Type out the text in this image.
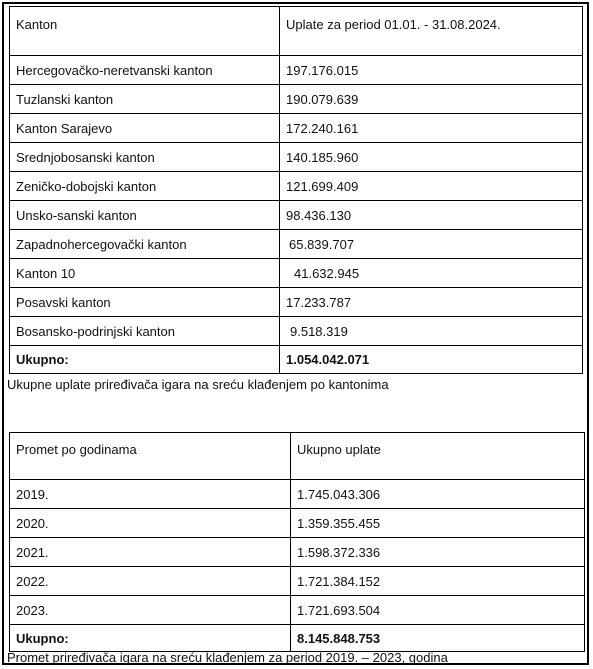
Kanton	Uplate za period 01.01. - 31.08.2024.
Hercegovačko-neretvanski kanton	197.176.015
Tuzlanski kanton	190.079.639
Kanton Sarajevo	172.240.161
Srednjobosanski kanton	140.185.960
Zeničko-dobojski kanton	121.699.409
Unsko-sanski kanton	98.436.130
Zapadnohercegovački kanton	65.839.707
Kanton 10	41.632.945
Posavski kanton	17.233.787
Bosansko-podrinjski kanton	9.518.319
Ukupno:	1.054.042.071
Ukupne uplate priređivača igara na sreću klađenjem po kantonima
Promet po godinama	Ukupno uplate
2019.	1.745.043.306
2020.	1.359.355.455
2021.	1.598.372.336
2022.	1.721.384.152
2023.	1.721.693.504
Ukupno:	8.145.848.753
Promet priređivača igara na sreću klađenjem za period 2019. – 2023, godina
